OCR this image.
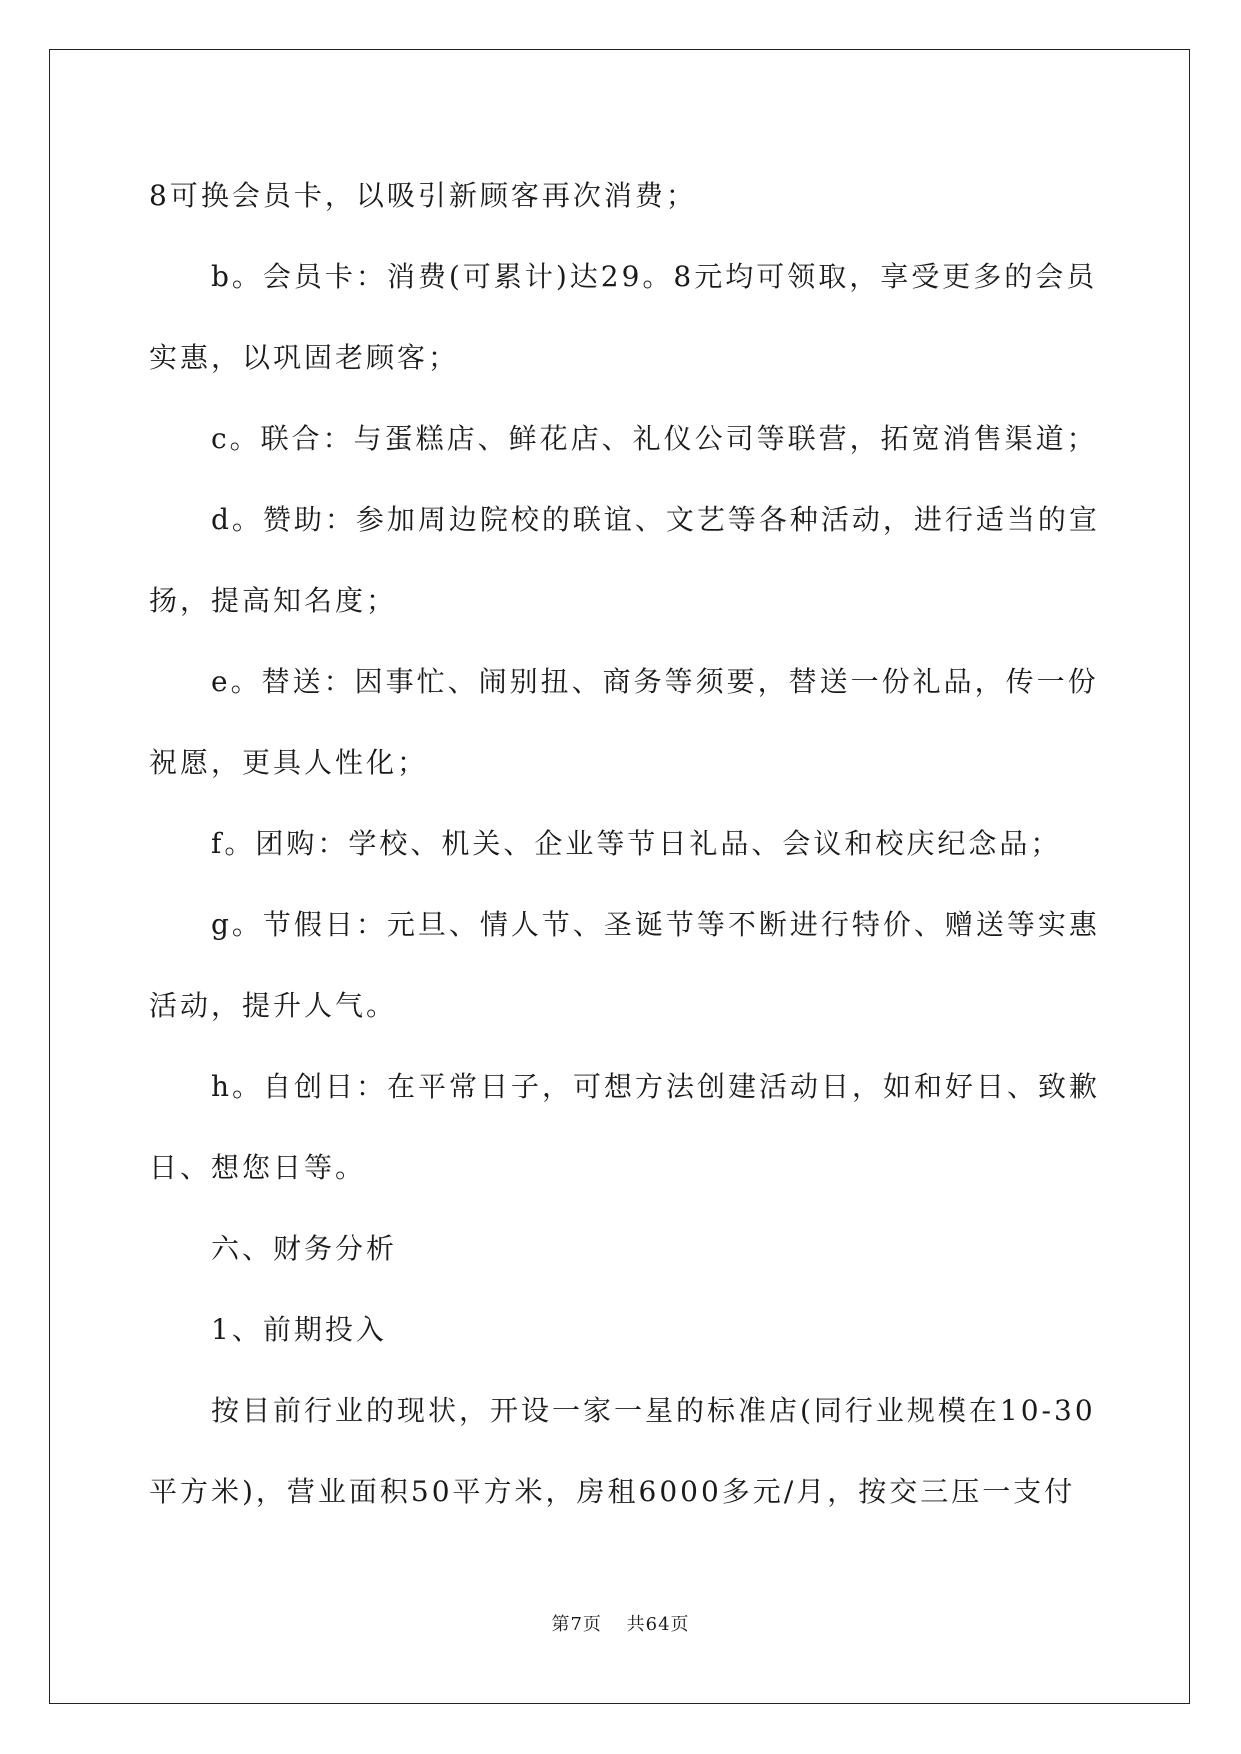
8可换会员卡，以吸引新顾客再次消费；
b。会员卡：消费(可累计)达29。8元均可领取，享受更多的会员
实惠，以巩固老顾客；
c。联合：与蛋糕店、鲜花店、礼仪公司等联营，拓宽消售渠道；
d。赞助：参加周边院校的联谊、文艺等各种活动，进行适当的宣
扬，提高知名度；
e。替送：因事忙、闹别扭、商务等须要，替送一份礼品，传一份
祝愿，更具人性化；
f。团购：学校、机关、企业等节日礼品、会议和校庆纪念品；
g。节假日：元旦、情人节、圣诞节等不断进行特价、赠送等实惠
活动，提升人气。
h。自创日：在平常日子，可想方法创建活动日，如和好日、致歉
日、想您日等。
六、财务分析
1、前期投入
按目前行业的现状，开设一家一星的标准店(同行业规模在10-30
平方米)，营业面积50平方米，房租6000多元/月，按交三压一支付
第7页 共64页
